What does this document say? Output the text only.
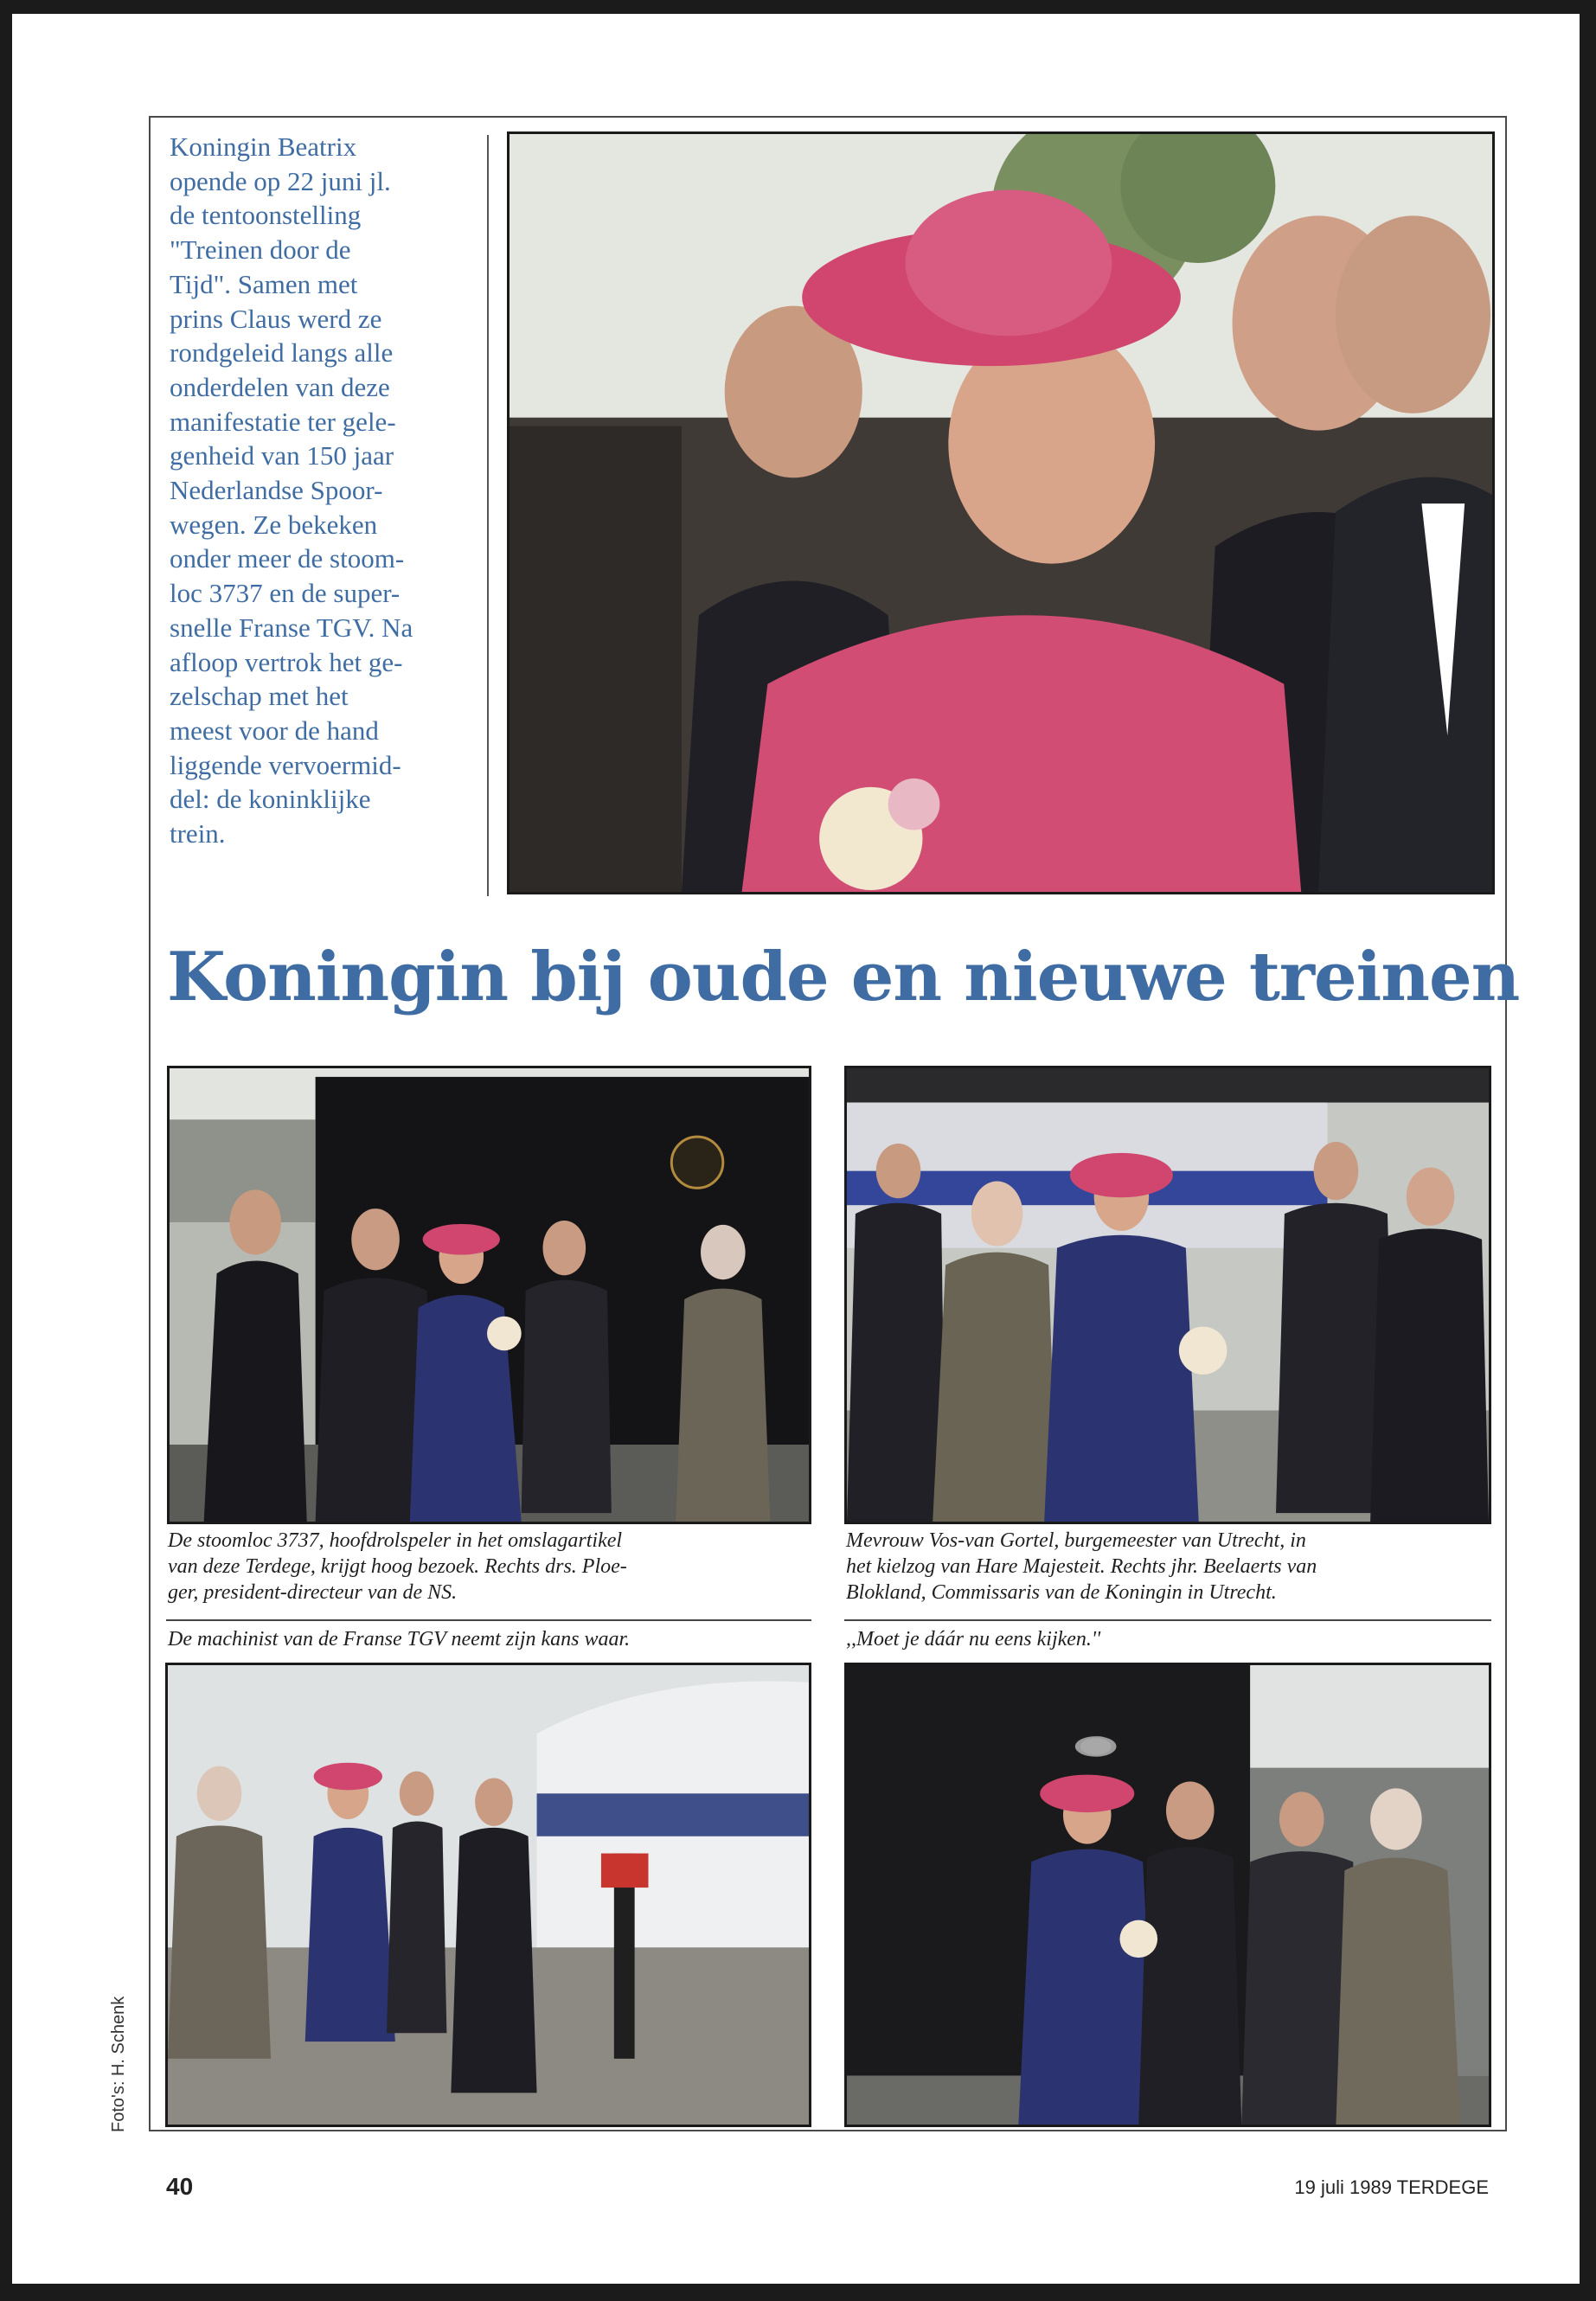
Koningin Beatrix
opende op 22 juni jl.
de tentoonstelling
"Treinen door de
Tijd". Samen met
prins Claus werd ze
rondgeleid langs alle
onderdelen van deze
manifestatie ter gele-
genheid van 150 jaar
Nederlandse Spoor-
wegen. Ze bekeken
onder meer de stoom-
loc 3737 en de super-
snelle Franse TGV. Na
afloop vertrok het ge-
zelschap met het
meest voor de hand
liggende vervoermid-
del: de koninklijke
trein.
Koningin bij oude en nieuwe treinen
De stoomloc 3737, hoofdrolspeler in het omslagartikel
van deze Terdege, krijgt hoog bezoek. Rechts drs. Ploe-
ger, president-directeur van de NS.
Mevrouw Vos-van Gortel, burgemeester van Utrecht, in
het kielzog van Hare Majesteit. Rechts jhr. Beelaerts van
Blokland, Commissaris van de Koningin in Utrecht.
De machinist van de Franse TGV neemt zijn kans waar.	,,Moet je dáár nu eens kijken.''
Foto's: H. Schenk
40	19 juli 1989 TERDEGE
